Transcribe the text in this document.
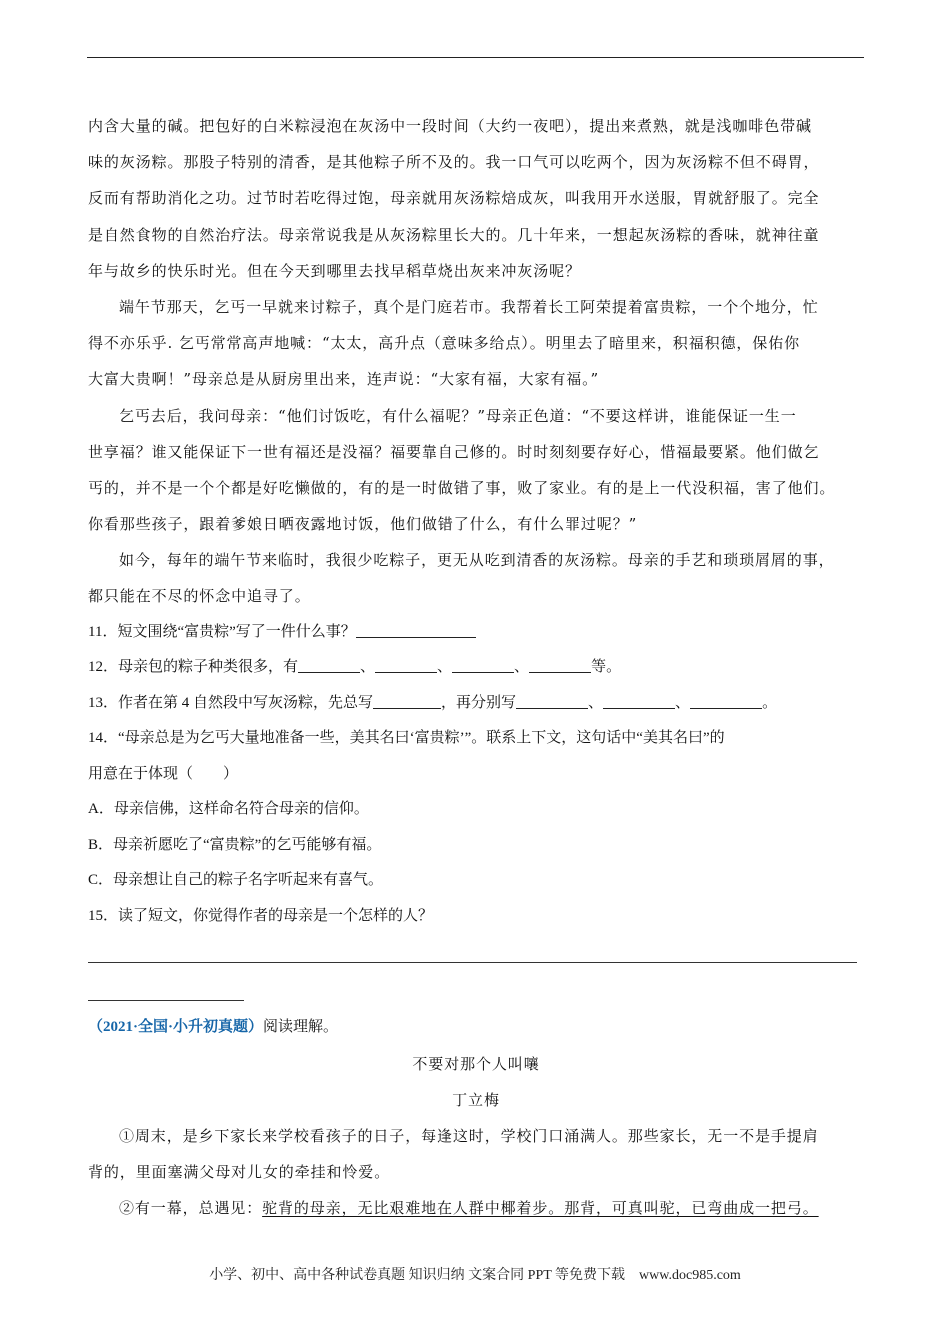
内含大量的碱。把包好的白米粽浸泡在灰汤中一段时间（大约一夜吧），提出来煮熟，就是浅咖啡色带碱
味的灰汤粽。那股子特别的清香，是其他粽子所不及的。我一口气可以吃两个，因为灰汤粽不但不碍胃，
反而有帮助消化之功。过节时若吃得过饱，母亲就用灰汤粽焙成灰，叫我用开水送服，胃就舒服了。完全
是自然食物的自然治疗法。母亲常说我是从灰汤粽里长大的。几十年来，一想起灰汤粽的香味，就神往童
年与故乡的快乐时光。但在今天到哪里去找早稻草烧出灰来冲灰汤呢？
端午节那天，乞丐一早就来讨粽子，真个是门庭若市。我帮着长工阿荣提着富贵粽，一个个地分，忙
得不亦乐乎. 乞丐常常高声地喊：“太太，高升点（意味多给点）。明里去了暗里来，积福积德，保佑你
大富大贵啊！”母亲总是从厨房里出来，连声说：“大家有福，大家有福。”
乞丐去后，我问母亲：“他们讨饭吃，有什么福呢？”母亲正色道：“不要这样讲，谁能保证一生一
世享福？谁又能保证下一世有福还是没福？福要靠自己修的。时时刻刻要存好心，惜福最要紧。他们做乞
丐的，并不是一个个都是好吃懒做的，有的是一时做错了事，败了家业。有的是上一代没积福，害了他们。
你看那些孩子，跟着爹娘日晒夜露地讨饭，他们做错了什么，有什么罪过呢？”
如今，每年的端午节来临时，我很少吃粽子，更无从吃到清香的灰汤粽。母亲的手艺和琐琐屑屑的事，
都只能在不尽的怀念中追寻了。
11．短文围绕“富贵粽”写了一件什么事？
12．母亲包的粽子种类很多，有	、	、	、	等。
13．作者在第 4 自然段中写灰汤粽，先总写	，再分别写	、	、	。
14．“母亲总是为乞丐大量地准备一些，美其名曰‘富贵粽’”。联系上下文，这句话中“美其名曰”的
用意在于体现（　　）
A．母亲信佛，这样命名符合母亲的信仰。
B．母亲祈愿吃了“富贵粽”的乞丐能够有福。
C．母亲想让自己的粽子名字听起来有喜气。
15．读了短文，你觉得作者的母亲是一个怎样的人？
（2021·全国·小升初真题）阅读理解。
不要对那个人叫嚷
丁立梅
①周末，是乡下家长来学校看孩子的日子，每逢这时，学校门口涌满人。那些家长，无一不是手提肩
背的，里面塞满父母对儿女的牵挂和怜爱。
②有一幕，总遇见：驼背的母亲，无比艰难地在人群中椰着步。那背，可真叫驼，已弯曲成一把弓。
小学、初中、高中各种试卷真题 知识归纳 文案合同 PPT 等免费下载　www.doc985.com
